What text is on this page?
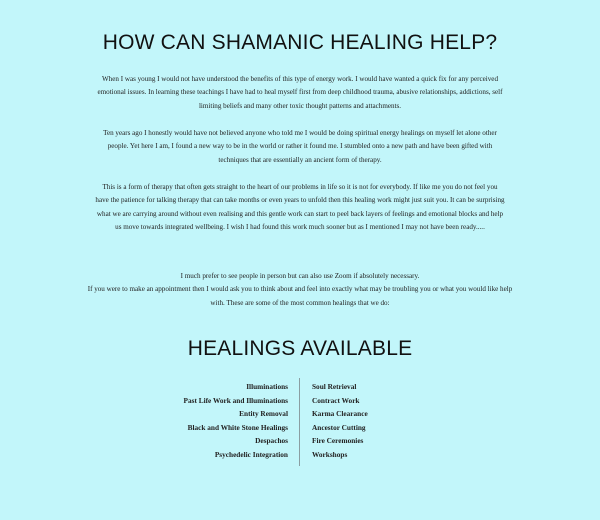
HOW CAN SHAMANIC HEALING HELP?

When I was young I would not have understood the benefits of this type of energy work. I would have wanted a quick fix for any perceived emotional issues. In learning these teachings I have had to heal myself first from deep childhood trauma, abusive relationships, addictions, self limiting beliefs and many other toxic thought patterns and attachments.

Ten years ago I honestly would have not believed anyone who told me I would be doing spiritual energy healings on myself let alone other people. Yet here I am, I found a new way to be in the world or rather it found me. I stumbled onto a new path and have been gifted with techniques that are essentially an ancient form of therapy.

This is a form of therapy that often gets straight to the heart of our problems in life so it is not for everybody. If like me you do not feel you have the patience for talking therapy that can take months or even years to unfold then this healing work might just suit you. It can be surprising what we are carrying around without even realising and this gentle work can start to peel back layers of feelings and emotional blocks and help us move towards integrated wellbeing. I wish I had found this work much sooner but as I mentioned I may not have been ready.....

I much prefer to see people in person but can also use Zoom if absolutely necessary.
If you were to make an appointment then I would ask you to think about and feel into exactly what may be troubling you or what you would like help with. These are some of the most common healings that we do:
HEALINGS AVAILABLE
Illuminations
Past Life Work and Illuminations
Entity Removal
Black and White Stone Healings
Despachos
Psychedelic Integration
Soul Retrieval
Contract Work
Karma Clearance
Ancestor Cutting
Fire Ceremonies
Workshops
